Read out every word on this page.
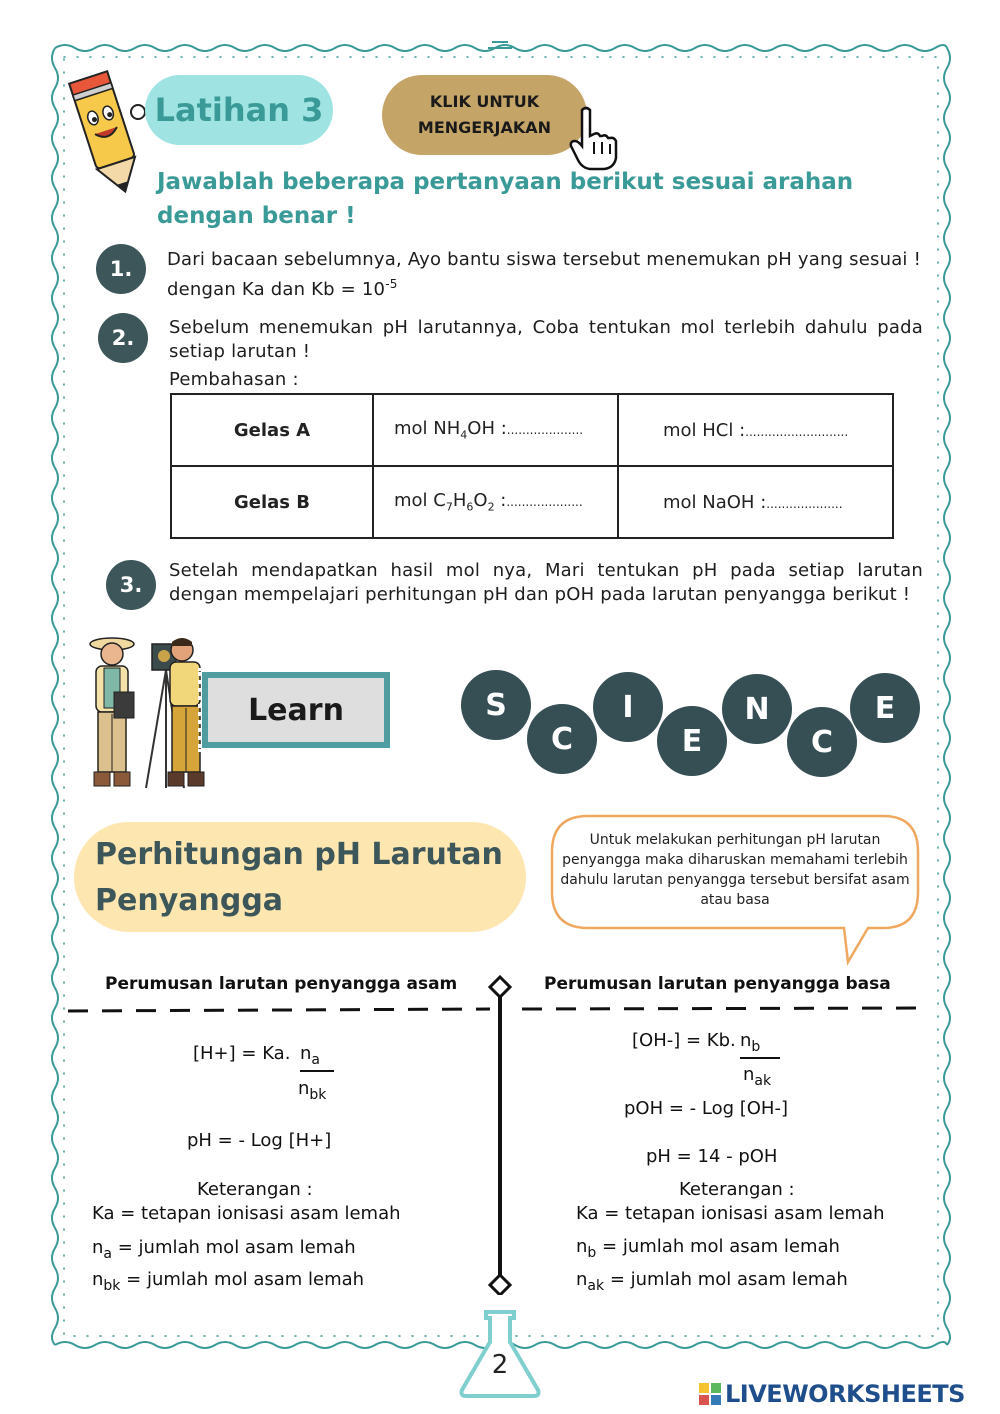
Latihan 3	KLIK UNTUK
MENGERJAKAN
Jawablah beberapa pertanyaan berikut sesuai arahan dengan benar !
1.	Dari bacaan sebelumnya, Ayo bantu siswa tersebut menemukan pH yang sesuai ! dengan Ka dan $Kb = 10^{-5}$
2.	Sebelum menemukan pH larutannya, Coba tentukan mol terlebih dahulu pada setiap larutan !
Pembahasan :
Gelas A	mol $NH_4OH$ :....................	mol HCl :...........................
Gelas B	mol $C_7H_6O_2$ :....................	mol NaOH :....................
3.
Setelah mendapatkan hasil mol nya, Mari tentukan pH pada setiap larutan dengan mempelajari perhitungan pH dan pOH pada larutan penyangga berikut !
Learn	S
C
I
E
N
C
E
Perhitungan pH Larutan
Penyangga
Untuk melakukan perhitungan pH larutan penyangga maka diharuskan memahami terlebih dahulu larutan penyangga tersebut bersifat asam atau basa
Perumusan larutan penyangga asam	Perumusan larutan penyangga basa
[H+] = Ka. $n_a$
$n_{bk}$
pH = - Log [H+]
Keterangan :
Ka = tetapan ionisasi asam lemah
$n_a$ = jumlah mol asam lemah
$n_{bk}$ = jumlah mol asam lemah
[OH-] = Kb. $n_b$
$n_{ak}$
pOH = - Log [OH-]
pH = 14 - pOH
Keterangan :
Ka = tetapan ionisasi asam lemah
$n_b$ = jumlah mol asam lemah
$n_{ak}$ = jumlah mol asam lemah
2
LIVEWORKSHEETS
